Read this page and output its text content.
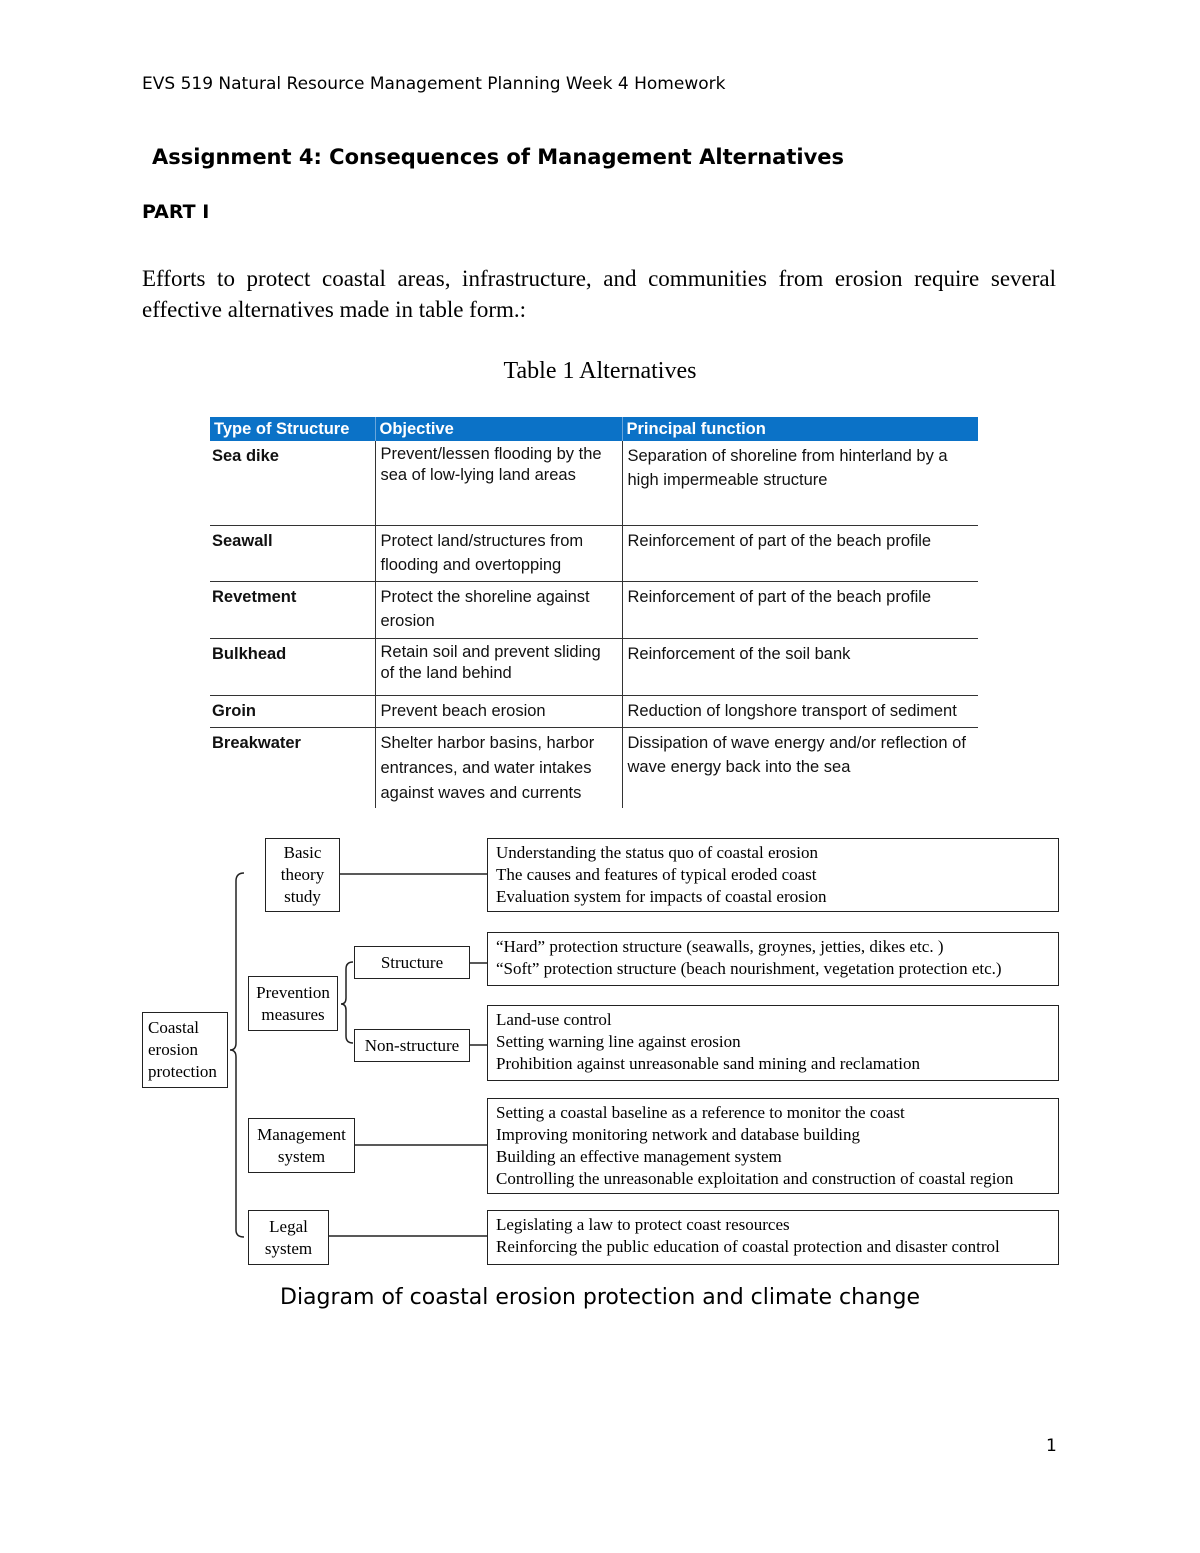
EVS 519 Natural Resource Management Planning Week 4 Homework
Assignment 4: Consequences of Management Alternatives
PART I
Efforts to protect coastal areas, infrastructure, and communities from erosion require several effective alternatives made in table form.:
Table 1 Alternatives
Type of Structure	Objective	Principal function
Sea dike	Prevent/lessen flooding by the sea of low-lying land areas	Separation of shoreline from hinterland by a high impermeable structure
Seawall	Protect land/structures from flooding and overtopping	Reinforcement of part of the beach profile
Revetment	Protect the shoreline against erosion	Reinforcement of part of the beach profile
Bulkhead	Retain soil and prevent sliding of the land behind	Reinforcement of the soil bank
Groin	Prevent beach erosion	Reduction of longshore transport of sediment
Breakwater	Shelter harbor basins, harbor entrances, and water intakes against waves and currents	Dissipation of wave energy and/or reflection of wave energy back into the sea
Coastal erosion protection
Basic theory study
Understanding the status quo of coastal erosion
The causes and features of typical eroded coast
Evaluation system for impacts of coastal erosion
Prevention measures
Structure
“Hard” protection structure (seawalls, groynes, jetties, dikes etc. )
“Soft” protection structure (beach nourishment, vegetation protection etc.)
Non-structure
Land-use control
Setting warning line against erosion
Prohibition against unreasonable sand mining and reclamation
Management system
Setting a coastal baseline as a reference to monitor the coast
Improving monitoring network and database building
Building an effective management system
Controlling the unreasonable exploitation and construction of coastal region
Legal system
Legislating a law to protect coast resources
Reinforcing the public education of coastal protection and disaster control
Diagram of coastal erosion protection and climate change
1
